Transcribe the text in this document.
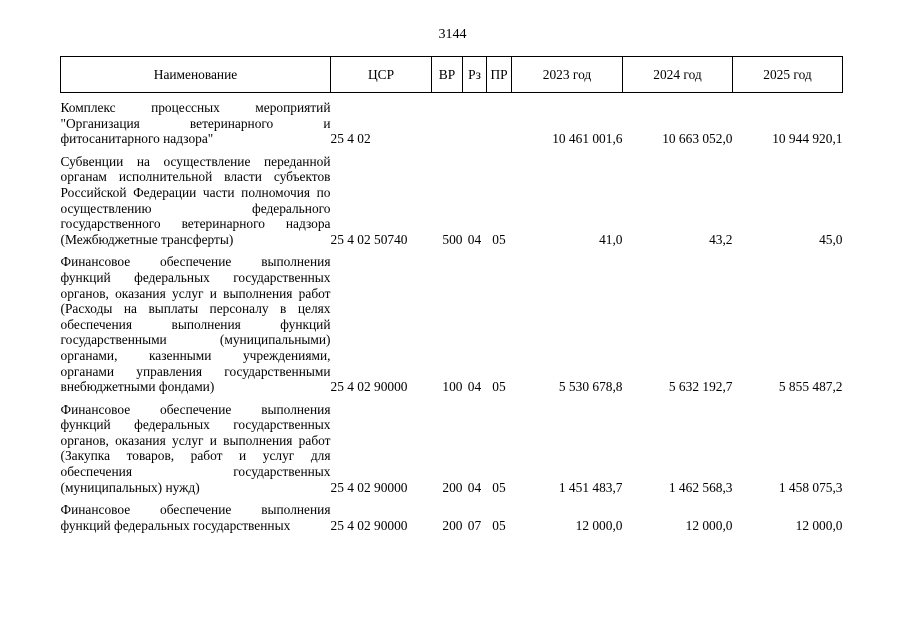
3144
Наименование	ЦСР	ВР	Рз	ПР	2023 год	2024 год	2025 год

Комплекс процессных мероприятий "Организация ветеринарного и фитосанитарного надзора"	25 4 02				10 461 001,6	10 663 052,0	10 944 920,1

Субвенции на осуществление переданной органам исполнительной власти субъектов Российской Федерации части полномочия по осуществлению федерального государственного ветеринарного надзора (Межбюджетные трансферты)	25 4 02 50740	500	04	05	41,0	43,2	45,0

Финансовое обеспечение выполнения функций федеральных государственных органов, оказания услуг и выполнения работ (Расходы на выплаты персоналу в целях обеспечения выполнения функций государственными (муниципальными) органами, казенными учреждениями, органами управления государственными внебюджетными фондами)	25 4 02 90000	100	04	05	5 530 678,8	5 632 192,7	5 855 487,2

Финансовое обеспечение выполнения функций федеральных государственных органов, оказания услуг и выполнения работ (Закупка товаров, работ и услуг для обеспечения государственных (муниципальных) нужд)	25 4 02 90000	200	04	05	1 451 483,7	1 462 568,3	1 458 075,3

Финансовое обеспечение выполнения функций федеральных государственных	25 4 02 90000	200	07	05	12 000,0	12 000,0	12 000,0
